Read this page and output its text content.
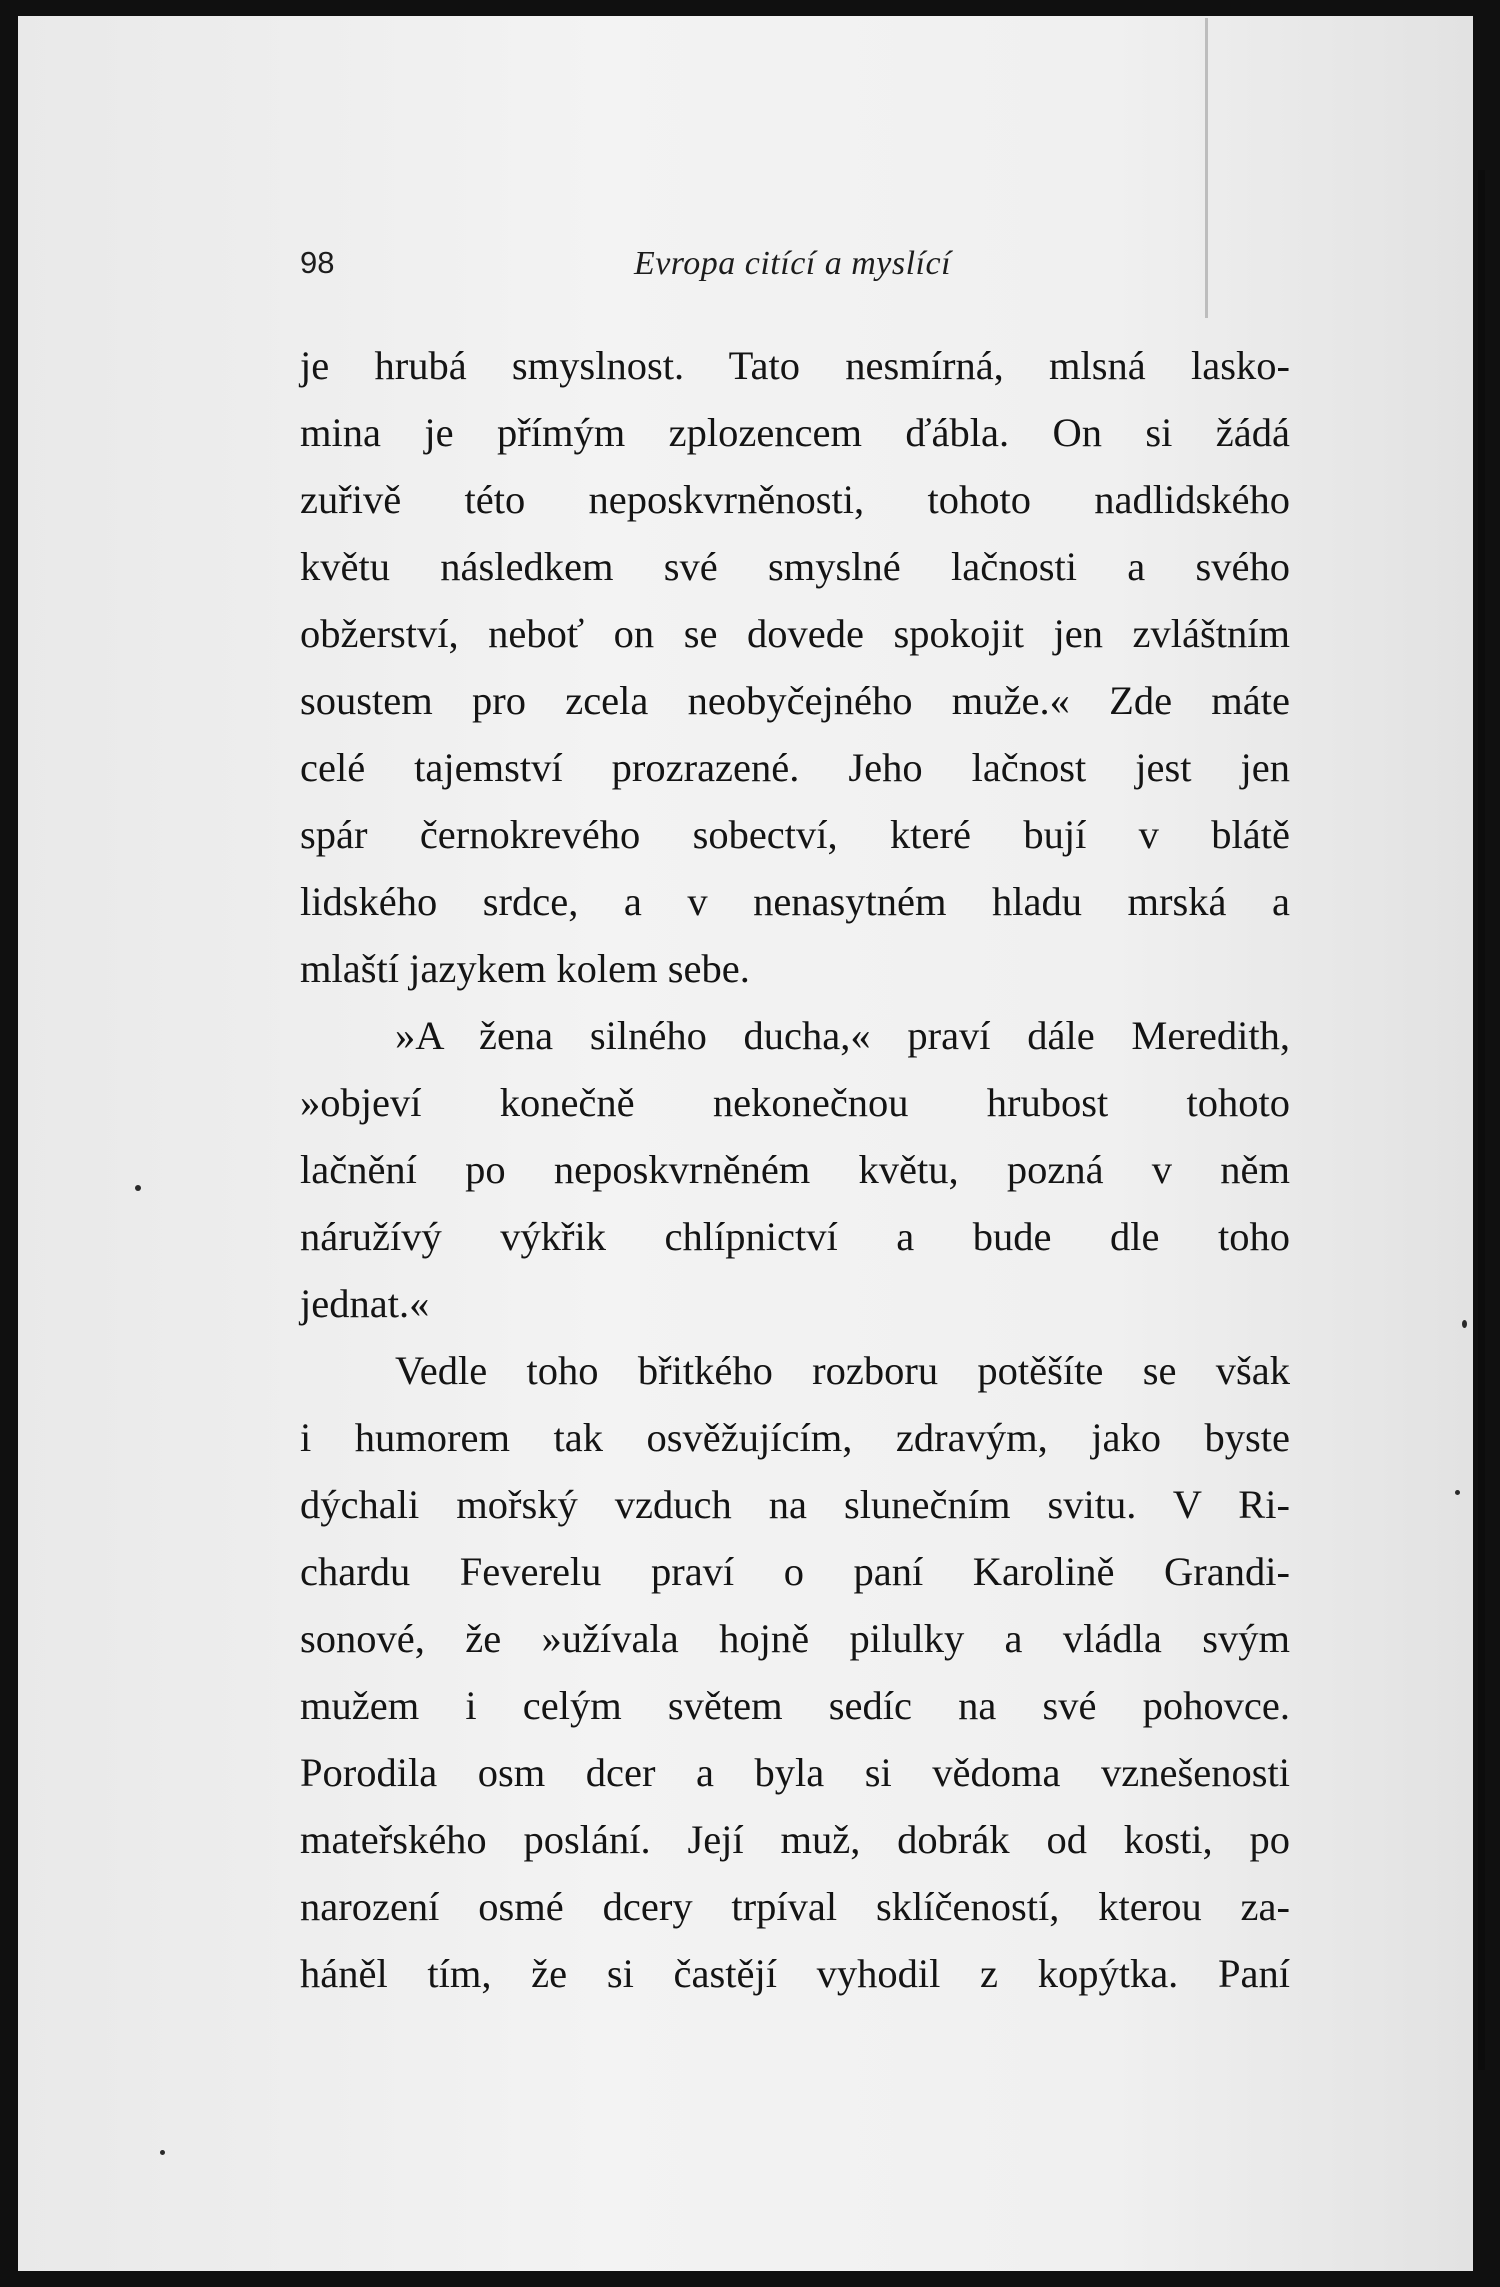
98	Evropa citící a myslící
je hrubá smyslnost. Tato nesmírná, mlsná lasko-
mina je přímým zplozencem ďábla. On si žádá
zuřivě této neposkvrněnosti, tohoto nadlidského
květu následkem své smyslné lačnosti a svého
obžerství, neboť on se dovede spokojit jen zvláštním
soustem pro zcela neobyčejného muže.« Zde máte
celé tajemství prozrazené. Jeho lačnost jest jen
spár černokrevého sobectví, které bují v blátě
lidského srdce, a v nenasytném hladu mrská a
mlaští jazykem kolem sebe.
»A žena silného ducha,« praví dále Meredith,
»objeví konečně nekonečnou hrubost tohoto
lačnění po neposkvrněném květu, pozná v něm
náružívý výkřik chlípnictví a bude dle toho
jednat.«
Vedle toho břitkého rozboru potěšíte se však
i humorem tak osvěžujícím, zdravým, jako byste
dýchali mořský vzduch na slunečním svitu. V Ri-
chardu Feverelu praví o paní Karolině Grandi-
sonové, že »užívala hojně pilulky a vládla svým
mužem i celým světem sedíc na své pohovce.
Porodila osm dcer a byla si vědoma vznešenosti
mateřského poslání. Její muž, dobrák od kosti, po
narození osmé dcery trpíval sklíčeností, kterou za-
háněl tím, že si častějí vyhodil z kopýtka. Paní
